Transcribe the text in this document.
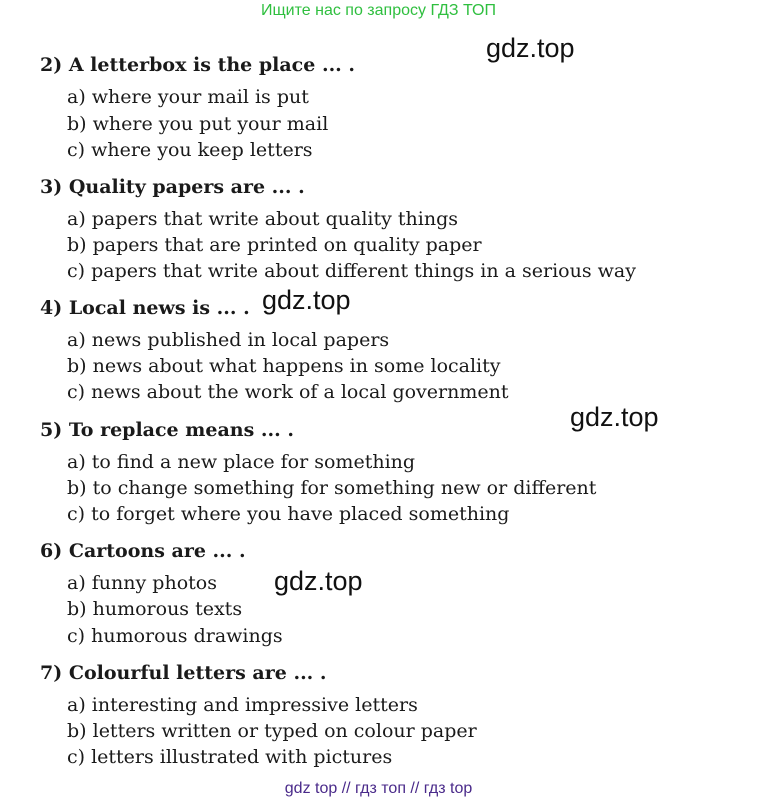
Ищите нас по запросу ГДЗ ТОП
gdz.top
gdz.top
gdz.top
gdz.top
2) A letterbox is the place ... .
a) where your mail is put
b) where you put your mail
c) where you keep letters
3) Quality papers are ... .
a) papers that write about quality things
b) papers that are printed on quality paper
c) papers that write about different things in a serious way
4) Local news is ... .
a) news published in local papers
b) news about what happens in some locality
c) news about the work of a local government
5) To replace means ... .
a) to find a new place for something
b) to change something for something new or different
c) to forget where you have placed something
6) Cartoons are ... .
a) funny photos
b) humorous texts
c) humorous drawings
7) Colourful letters are ... .
a) interesting and impressive letters
b) letters written or typed on colour paper
c) letters illustrated with pictures
gdz top // гдз топ // гдз top
